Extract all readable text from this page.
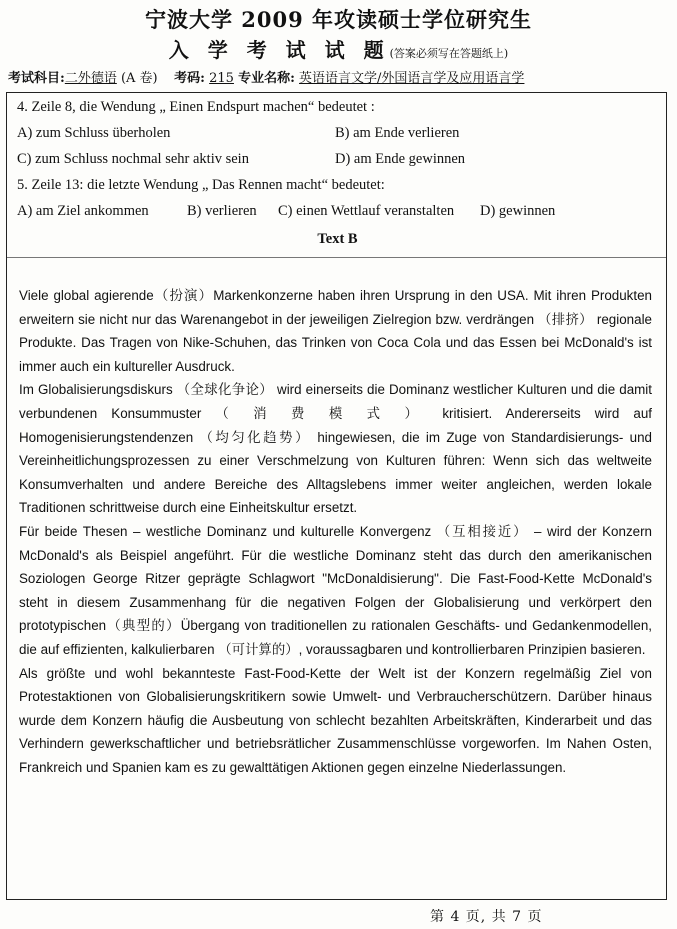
宁波大学 2009 年攻读硕士学位研究生
入 学 考 试 试 题(答案必须写在答题纸上)
考试科目:二外德语 (A 卷) 考码: 215 专业名称: 英语语言文学/外国语言学及应用语言学
4. Zeile 8, die Wendung „ Einen Endspurt machen“ bedeutet :
A) zum Schluss überholen	B) am Ende verlieren
C) zum Schluss nochmal sehr aktiv sein	D) am Ende gewinnen
5. Zeile 13: die letzte Wendung „ Das Rennen macht“ bedeutet:
A) am Ziel ankommen	B) verlieren C) einen Wettlauf veranstalten D) gewinnen
Text B

Viele global agierende（扮演）Markenkonzerne haben ihren Ursprung in den USA. Mit ihren Produkten erweitern sie nicht nur das Warenangebot in der jeweiligen Zielregion bzw. verdrängen （排挤） regionale Produkte. Das Tragen von Nike-Schuhen, das Trinken von Coca Cola und das Essen bei McDonald's ist immer auch ein kultureller Ausdruck.

Im Globalisierungsdiskurs （全球化争论） wird einerseits die Dominanz westlicher Kulturen und die damit verbundenen Konsummuster （ 消 费 模 式 ） kritisiert. Andererseits wird auf Homogenisierungstendenzen （均匀化趋势） hingewiesen, die im Zuge von Standardisierungs- und Vereinheitlichungsprozessen zu einer Verschmelzung von Kulturen führen: Wenn sich das weltweite Konsumverhalten und andere Bereiche des Alltagslebens immer weiter angleichen, werden lokale Traditionen schrittweise durch eine Einheitskultur ersetzt.

Für beide Thesen – westliche Dominanz und kulturelle Konvergenz （互相接近） – wird der Konzern McDonald's als Beispiel angeführt. Für die westliche Dominanz steht das durch den amerikanischen Soziologen George Ritzer geprägte Schlagwort "McDonaldisierung". Die Fast-Food-Kette McDonald's steht in diesem Zusammenhang für die negativen Folgen der Globalisierung und verkörpert den prototypischen（典型的）Übergang von traditionellen zu rationalen Geschäfts- und Gedankenmodellen, die auf effizienten, kalkulierbaren （可计算的）, voraussagbaren und kontrollierbaren Prinzipien basieren.

Als größte und wohl bekannteste Fast-Food-Kette der Welt ist der Konzern regelmäßig Ziel von Protestaktionen von Globalisierungskritikern sowie Umwelt- und Verbraucherschützern. Darüber hinaus wurde dem Konzern häufig die Ausbeutung von schlecht bezahlten Arbeitskräften, Kinderarbeit und das Verhindern gewerkschaftlicher und betriebsrätlicher Zusammenschlüsse vorgeworfen. Im Nahen Osten, Frankreich und Spanien kam es zu gewalttätigen Aktionen gegen einzelne Niederlassungen.

第 4 页, 共 7 页
